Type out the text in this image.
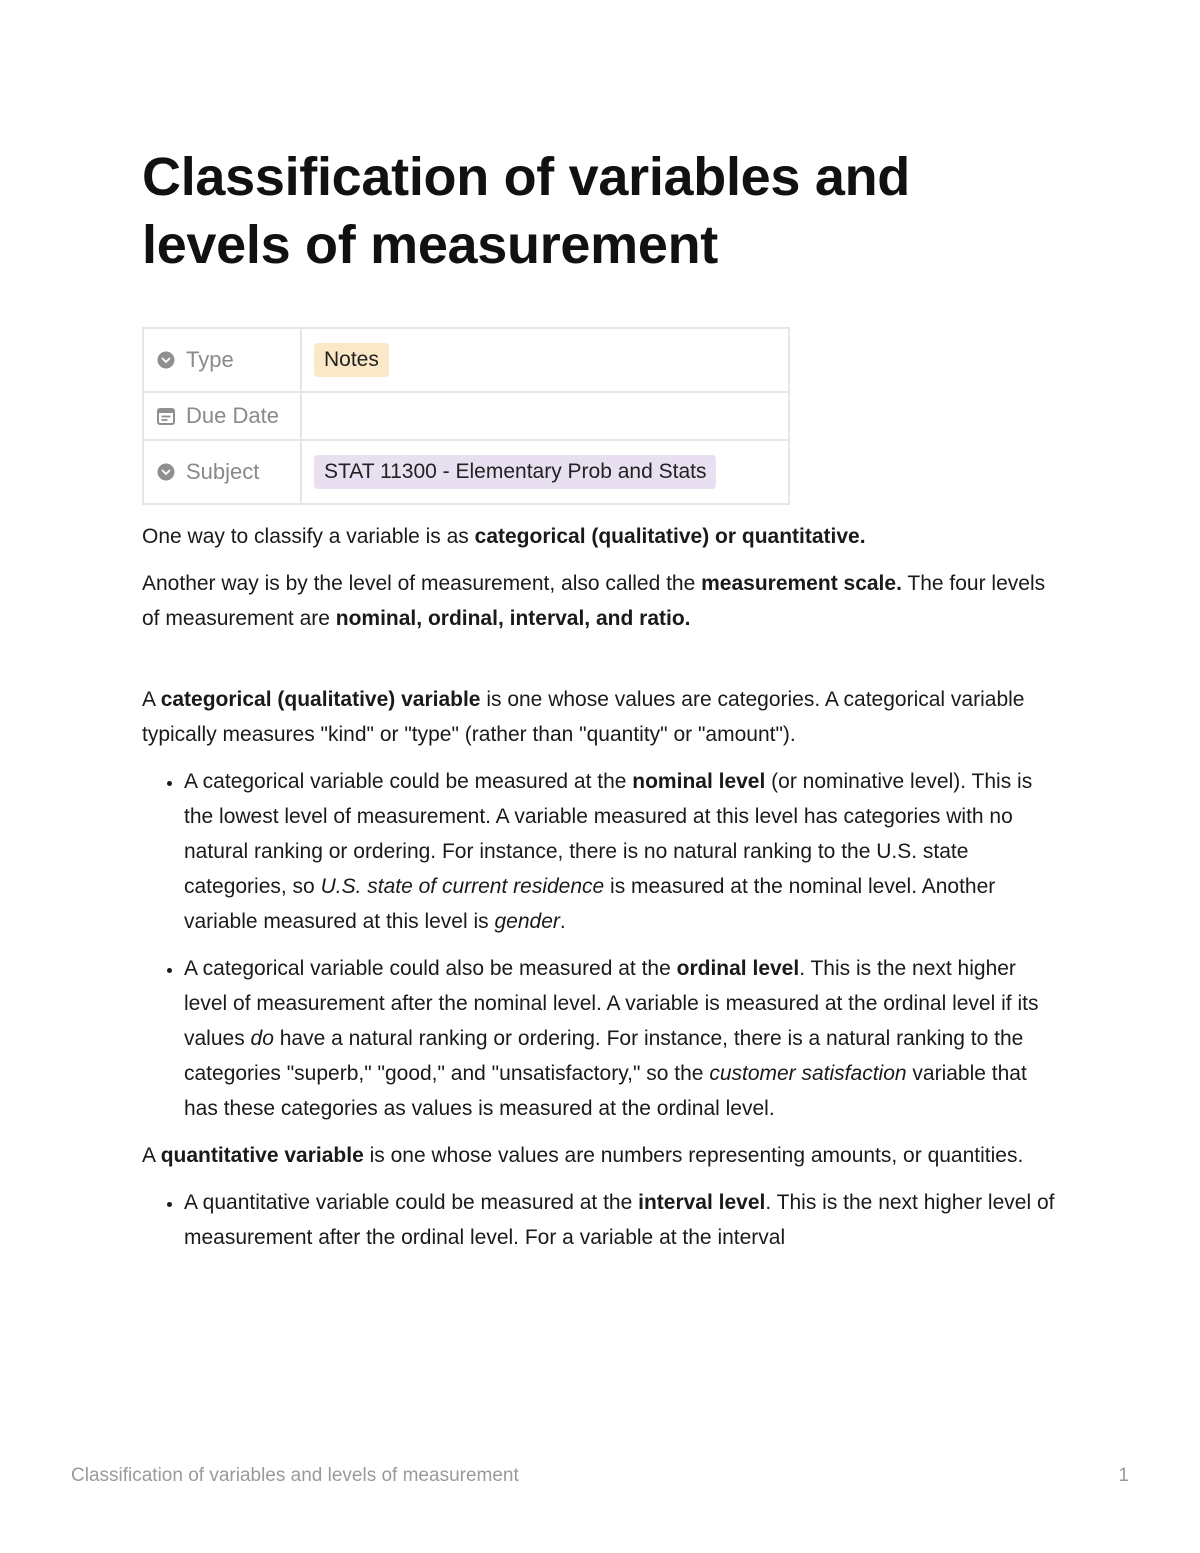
Classification of variables and levels of measurement
Type	Notes

Due Date	

Subject	STAT 11300 - Elementary Prob and Stats

One way to classify a variable is as categorical (qualitative) or quantitative.

Another way is by the level of measurement, also called the measurement scale. The four levels of measurement are nominal, ordinal, interval, and ratio.

A categorical (qualitative) variable is one whose values are categories. A categorical variable typically measures "kind" or "type" (rather than "quantity" or "amount").

• A categorical variable could be measured at the nominal level (or nominative level). This is the lowest level of measurement. A variable measured at this level has categories with no natural ranking or ordering. For instance, there is no natural ranking to the U.S. state categories, so U.S. state of current residence is measured at the nominal level. Another variable measured at this level is gender.
• A categorical variable could also be measured at the ordinal level. This is the next higher level of measurement after the nominal level. A variable is measured at the ordinal level if its values do have a natural ranking or ordering. For instance, there is a natural ranking to the categories "superb," "good," and "unsatisfactory," so the customer satisfaction variable that has these categories as values is measured at the ordinal level.

A quantitative variable is one whose values are numbers representing amounts, or quantities.

• A quantitative variable could be measured at the interval level. This is the next higher level of measurement after the ordinal level. For a variable at the interval
Classification of variables and levels of measurement	1
